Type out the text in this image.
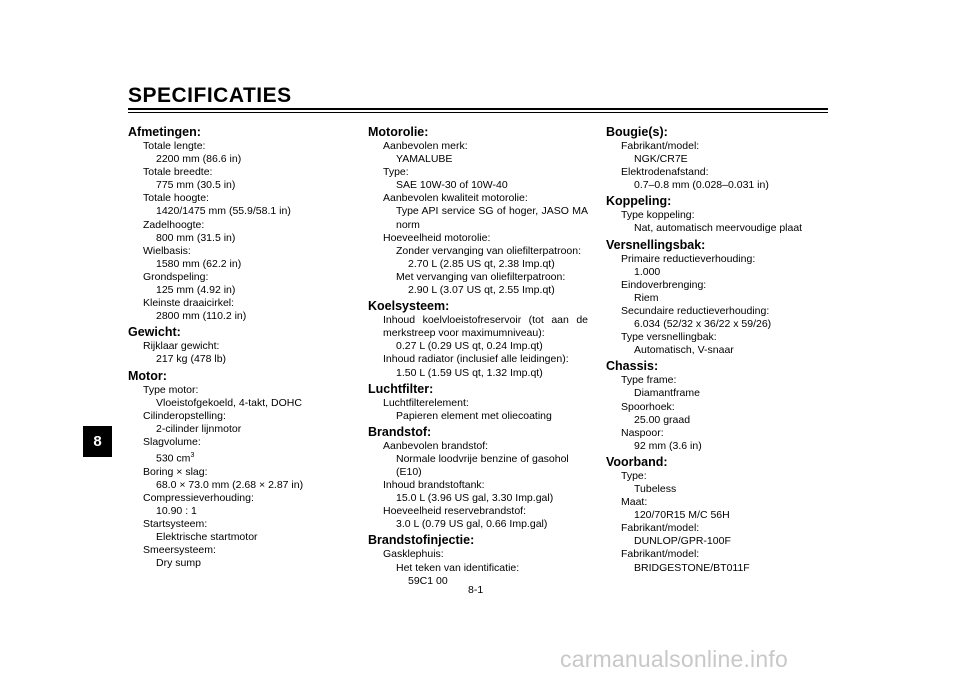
SPECIFICATIES
8
Afmetingen:
Totale lengte:
2200 mm (86.6 in)
Totale breedte:
775 mm (30.5 in)
Totale hoogte:
1420/1475 mm (55.9/58.1 in)
Zadelhoogte:
800 mm (31.5 in)
Wielbasis:
1580 mm (62.2 in)
Grondspeling:
125 mm (4.92 in)
Kleinste draaicirkel:
2800 mm (110.2 in)
Gewicht:
Rijklaar gewicht:
217 kg (478 lb)
Motor:
Type motor:
Vloeistofgekoeld, 4-takt, DOHC
Cilinderopstelling:
2-cilinder lijnmotor
Slagvolume:
530 $cm^3$
Boring × slag:
68.0 × 73.0 mm (2.68 × 2.87 in)
Compressieverhouding:
10.90 : 1
Startsysteem:
Elektrische startmotor
Smeersysteem:
Dry sump
Motorolie:
Aanbevolen merk:
YAMALUBE
Type:
SAE 10W-30 of 10W-40
Aanbevolen kwaliteit motorolie:
Type API service SG of hoger, JASO MA
norm
Hoeveelheid motorolie:
Zonder vervanging van oliefilterpatroon:
2.70 L (2.85 US qt, 2.38 Imp.qt)
Met vervanging van oliefilterpatroon:
2.90 L (3.07 US qt, 2.55 Imp.qt)
Koelsysteem:
Inhoud koelvloeistofreservoir (tot aan de
merkstreep voor maximumniveau):
0.27 L (0.29 US qt, 0.24 Imp.qt)
Inhoud radiator (inclusief alle leidingen):
1.50 L (1.59 US qt, 1.32 Imp.qt)
Luchtfilter:
Luchtfilterelement:
Papieren element met oliecoating
Brandstof:
Aanbevolen brandstof:
Normale loodvrije benzine of gasohol (E10)
Inhoud brandstoftank:
15.0 L (3.96 US gal, 3.30 Imp.gal)
Hoeveelheid reservebrandstof:
3.0 L (0.79 US gal, 0.66 Imp.gal)
Brandstofinjectie:
Gasklephuis:
Het teken van identificatie:
59C1 00
Bougie(s):
Fabrikant/model:
NGK/CR7E
Elektrodenafstand:
0.7–0.8 mm (0.028–0.031 in)
Koppeling:
Type koppeling:
Nat, automatisch meervoudige plaat
Versnellingsbak:
Primaire reductieverhouding:
1.000
Eindoverbrenging:
Riem
Secundaire reductieverhouding:
6.034 (52/32 x 36/22 x 59/26)
Type versnellingbak:
Automatisch, V-snaar
Chassis:
Type frame:
Diamantframe
Spoorhoek:
25.00 graad
Naspoor:
92 mm (3.6 in)
Voorband:
Type:
Tubeless
Maat:
120/70R15 M/C 56H
Fabrikant/model:
DUNLOP/GPR-100F
Fabrikant/model:
BRIDGESTONE/BT011F
8-1
carmanualsonline.info
